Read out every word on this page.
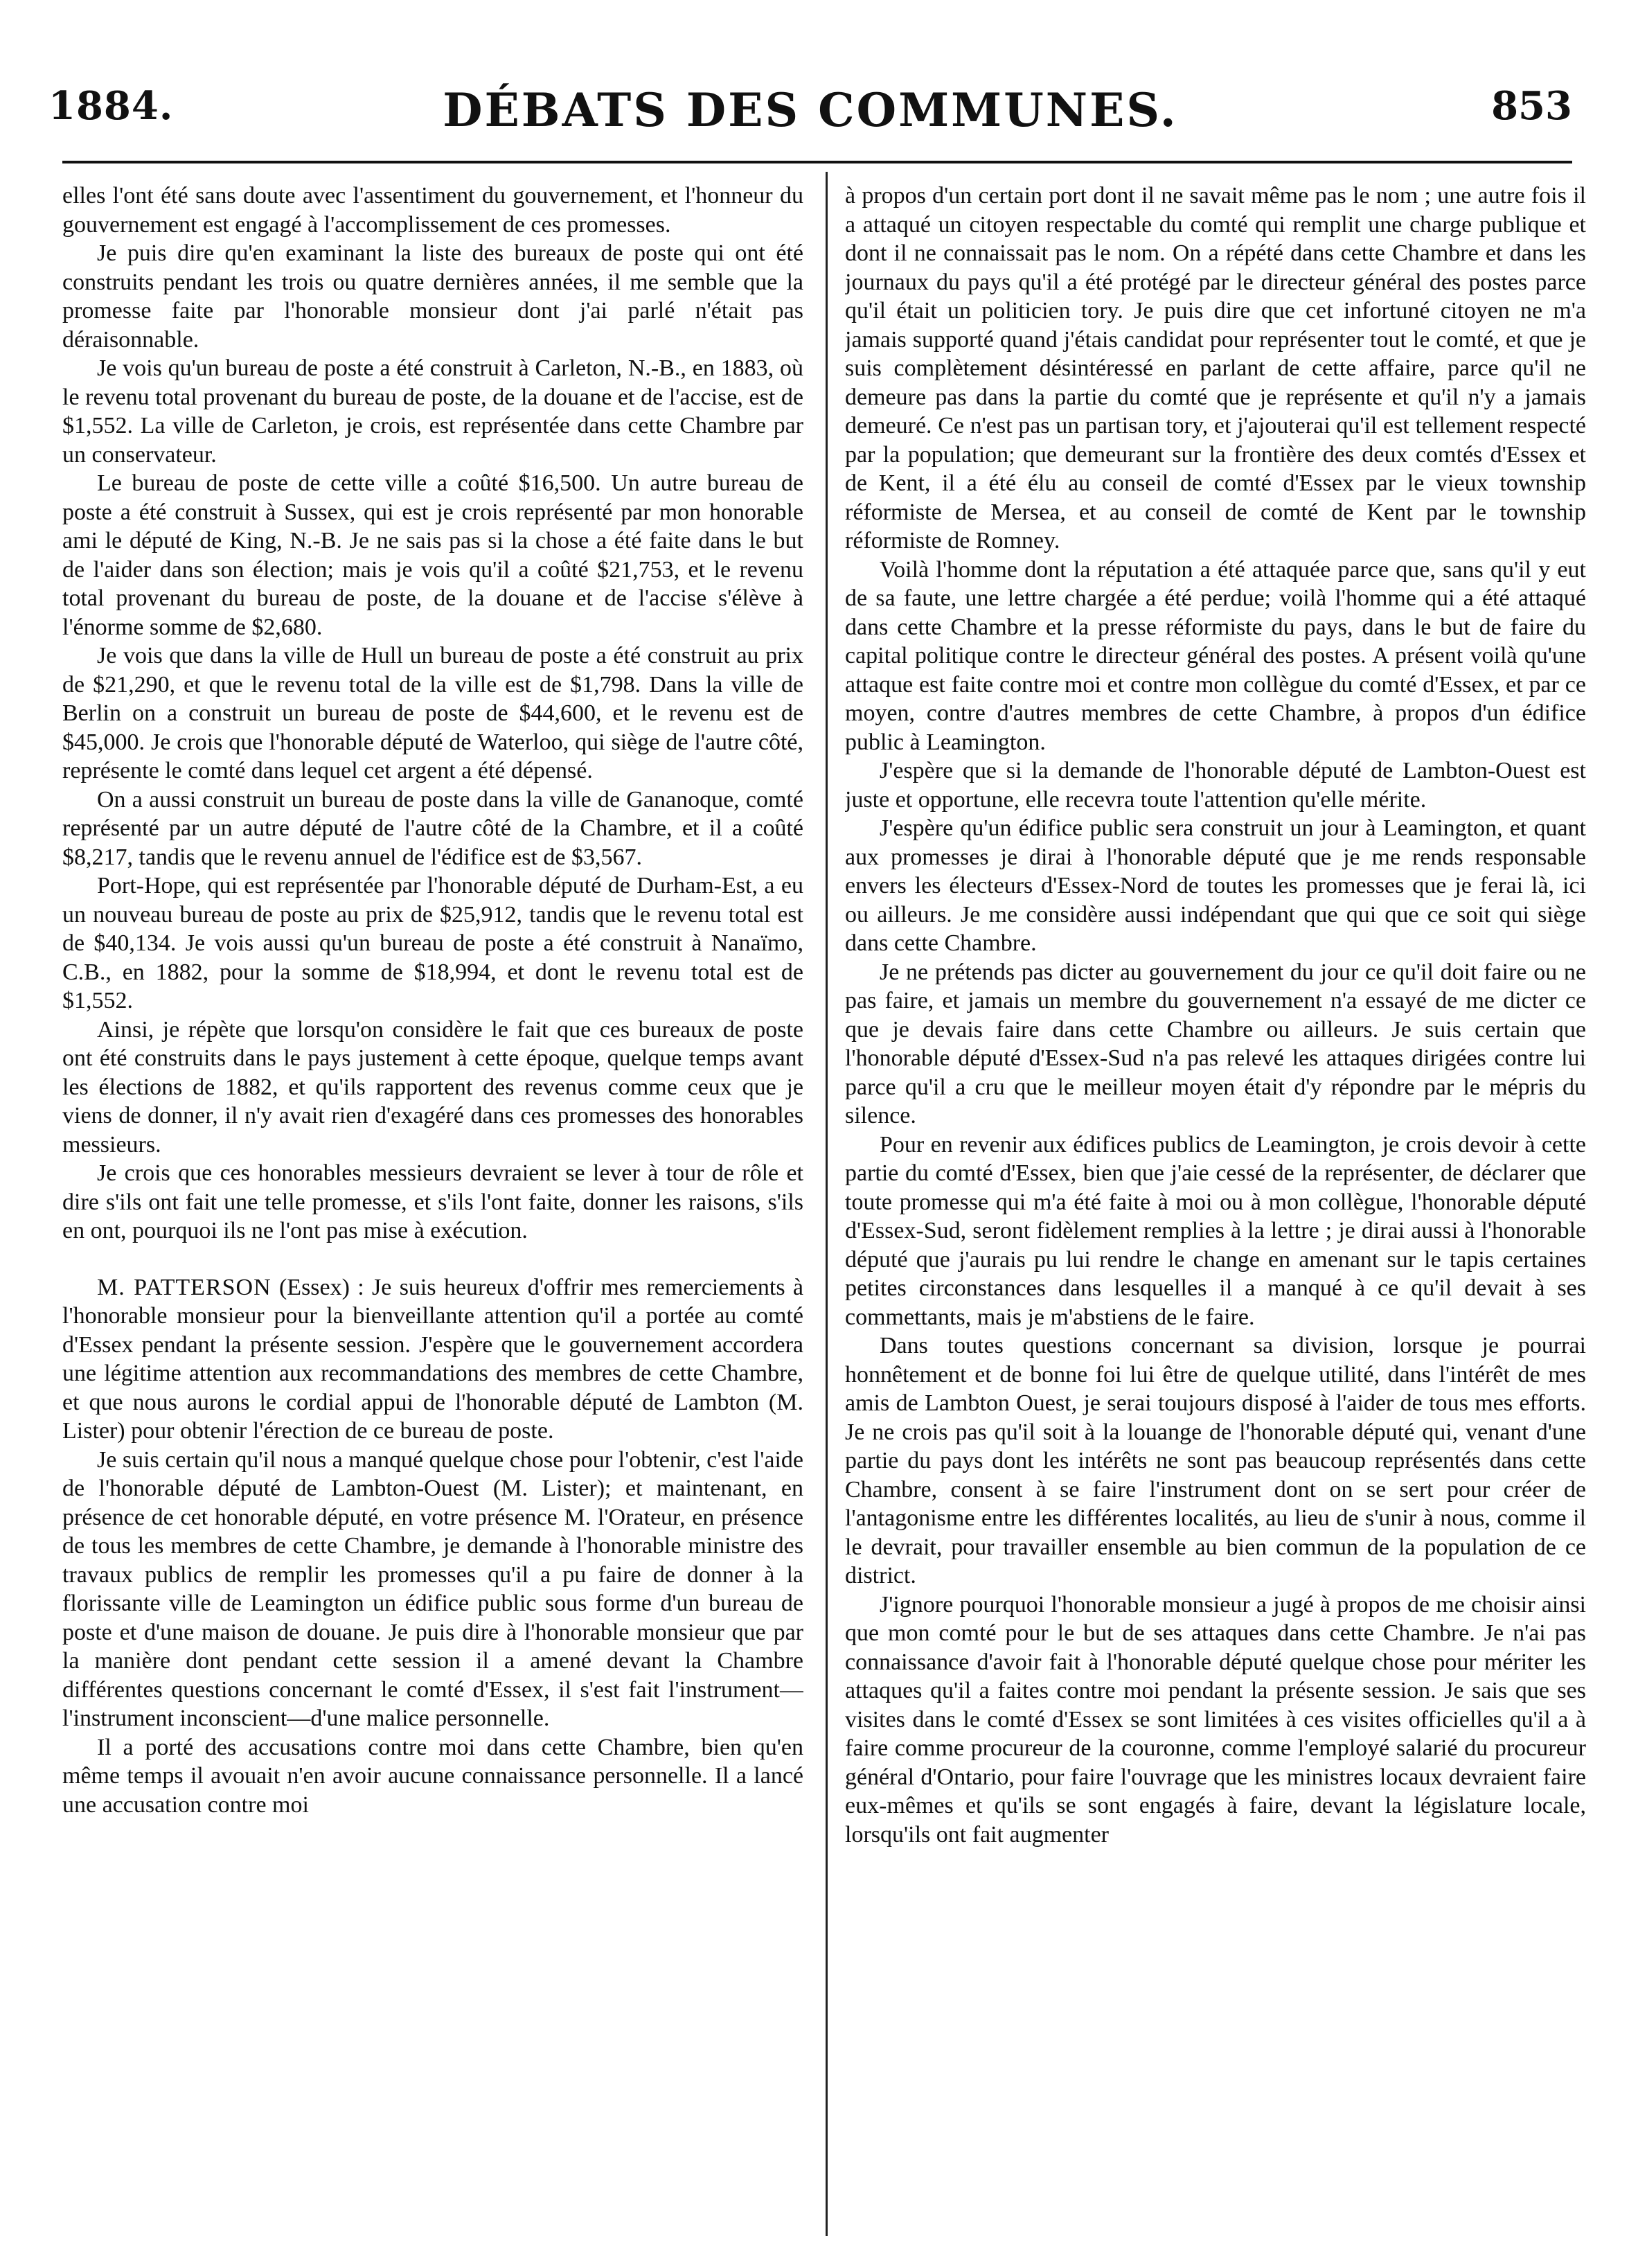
1884.	DÉBATS DES COMMUNES.	853

elles l'ont été sans doute avec l'assentiment du gouvernement, et l'honneur du gouvernement est engagé à l'accomplissement de ces promesses.

Je puis dire qu'en examinant la liste des bureaux de poste qui ont été construits pendant les trois ou quatre dernières années, il me semble que la promesse faite par l'honorable monsieur dont j'ai parlé n'était pas déraisonnable.

Je vois qu'un bureau de poste a été construit à Carleton, N.-B., en 1883, où le revenu total provenant du bureau de poste, de la douane et de l'accise, est de $1,552. La ville de Carleton, je crois, est représentée dans cette Chambre par un conservateur.

Le bureau de poste de cette ville a coûté $16,500. Un autre bureau de poste a été construit à Sussex, qui est je crois représenté par mon honorable ami le député de King, N.-B. Je ne sais pas si la chose a été faite dans le but de l'aider dans son élection; mais je vois qu'il a coûté $21,753, et le revenu total provenant du bureau de poste, de la douane et de l'accise s'élève à l'énorme somme de $2,680.

Je vois que dans la ville de Hull un bureau de poste a été construit au prix de $21,290, et que le revenu total de la ville est de $1,798. Dans la ville de Berlin on a construit un bureau de poste de $44,600, et le revenu est de $45,000. Je crois que l'honorable député de Waterloo, qui siège de l'autre côté, représente le comté dans lequel cet argent a été dépensé.

On a aussi construit un bureau de poste dans la ville de Gananoque, comté représenté par un autre député de l'autre côté de la Chambre, et il a coûté $8,217, tandis que le revenu annuel de l'édifice est de $3,567.

Port-Hope, qui est représentée par l'honorable député de Durham-Est, a eu un nouveau bureau de poste au prix de $25,912, tandis que le revenu total est de $40,134. Je vois aussi qu'un bureau de poste a été construit à Nanaïmo, C.B., en 1882, pour la somme de $18,994, et dont le revenu total est de $1,552.

Ainsi, je répète que lorsqu'on considère le fait que ces bureaux de poste ont été construits dans le pays justement à cette époque, quelque temps avant les élections de 1882, et qu'ils rapportent des revenus comme ceux que je viens de donner, il n'y avait rien d'exagéré dans ces promesses des honorables messieurs.

Je crois que ces honorables messieurs devraient se lever à tour de rôle et dire s'ils ont fait une telle promesse, et s'ils l'ont faite, donner les raisons, s'ils en ont, pourquoi ils ne l'ont pas mise à exécution.

M. PATTERSON (Essex) : Je suis heureux d'offrir mes remerciements à l'honorable monsieur pour la bienveillante attention qu'il a portée au comté d'Essex pendant la présente session. J'espère que le gouvernement accordera une légitime attention aux recommandations des membres de cette Chambre, et que nous aurons le cordial appui de l'honorable député de Lambton (M. Lister) pour obtenir l'érection de ce bureau de poste.

Je suis certain qu'il nous a manqué quelque chose pour l'obtenir, c'est l'aide de l'honorable député de Lambton-Ouest (M. Lister); et maintenant, en présence de cet honorable député, en votre présence M. l'Orateur, en présence de tous les membres de cette Chambre, je demande à l'honorable ministre des travaux publics de remplir les promesses qu'il a pu faire de donner à la florissante ville de Leamington un édifice public sous forme d'un bureau de poste et d'une maison de douane. Je puis dire à l'honorable monsieur que par la manière dont pendant cette session il a amené devant la Chambre différentes questions concernant le comté d'Essex, il s'est fait l'instrument—l'instrument inconscient—d'une malice personnelle.

Il a porté des accusations contre moi dans cette Chambre, bien qu'en même temps il avouait n'en avoir aucune connaissance personnelle. Il a lancé une accusation contre moi

à propos d'un certain port dont il ne savait même pas le nom ; une autre fois il a attaqué un citoyen respectable du comté qui remplit une charge publique et dont il ne connaissait pas le nom. On a répété dans cette Chambre et dans les journaux du pays qu'il a été protégé par le directeur général des postes parce qu'il était un politicien tory. Je puis dire que cet infortuné citoyen ne m'a jamais supporté quand j'étais candidat pour représenter tout le comté, et que je suis complètement désintéressé en parlant de cette affaire, parce qu'il ne demeure pas dans la partie du comté que je représente et qu'il n'y a jamais demeuré. Ce n'est pas un partisan tory, et j'ajouterai qu'il est tellement respecté par la population; que demeurant sur la frontière des deux comtés d'Essex et de Kent, il a été élu au conseil de comté d'Essex par le vieux township réformiste de Mersea, et au conseil de comté de Kent par le township réformiste de Romney.

Voilà l'homme dont la réputation a été attaquée parce que, sans qu'il y eut de sa faute, une lettre chargée a été perdue; voilà l'homme qui a été attaqué dans cette Chambre et la presse réformiste du pays, dans le but de faire du capital politique contre le directeur général des postes. A présent voilà qu'une attaque est faite contre moi et contre mon collègue du comté d'Essex, et par ce moyen, contre d'autres membres de cette Chambre, à propos d'un édifice public à Leamington.

J'espère que si la demande de l'honorable député de Lambton-Ouest est juste et opportune, elle recevra toute l'attention qu'elle mérite.

J'espère qu'un édifice public sera construit un jour à Leamington, et quant aux promesses je dirai à l'honorable député que je me rends responsable envers les électeurs d'Essex-Nord de toutes les promesses que je ferai là, ici ou ailleurs. Je me considère aussi indépendant que qui que ce soit qui siège dans cette Chambre.

Je ne prétends pas dicter au gouvernement du jour ce qu'il doit faire ou ne pas faire, et jamais un membre du gouvernement n'a essayé de me dicter ce que je devais faire dans cette Chambre ou ailleurs. Je suis certain que l'honorable député d'Essex-Sud n'a pas relevé les attaques dirigées contre lui parce qu'il a cru que le meilleur moyen était d'y répondre par le mépris du silence.

Pour en revenir aux édifices publics de Leamington, je crois devoir à cette partie du comté d'Essex, bien que j'aie cessé de la représenter, de déclarer que toute promesse qui m'a été faite à moi ou à mon collègue, l'honorable député d'Essex-Sud, seront fidèlement remplies à la lettre ; je dirai aussi à l'honorable député que j'aurais pu lui rendre le change en amenant sur le tapis certaines petites circonstances dans lesquelles il a manqué à ce qu'il devait à ses commettants, mais je m'abstiens de le faire.

Dans toutes questions concernant sa division, lorsque je pourrai honnêtement et de bonne foi lui être de quelque utilité, dans l'intérêt de mes amis de Lambton Ouest, je serai toujours disposé à l'aider de tous mes efforts. Je ne crois pas qu'il soit à la louange de l'honorable député qui, venant d'une partie du pays dont les intérêts ne sont pas beaucoup représentés dans cette Chambre, consent à se faire l'instrument dont on se sert pour créer de l'antagonisme entre les différentes localités, au lieu de s'unir à nous, comme il le devrait, pour travailler ensemble au bien commun de la population de ce district.

J'ignore pourquoi l'honorable monsieur a jugé à propos de me choisir ainsi que mon comté pour le but de ses attaques dans cette Chambre. Je n'ai pas connaissance d'avoir fait à l'honorable député quelque chose pour mériter les attaques qu'il a faites contre moi pendant la présente session. Je sais que ses visites dans le comté d'Essex se sont limitées à ces visites officielles qu'il a à faire comme procureur de la couronne, comme l'employé salarié du procureur général d'Ontario, pour faire l'ouvrage que les ministres locaux devraient faire eux-mêmes et qu'ils se sont engagés à faire, devant la législature locale, lorsqu'ils ont fait augmenter
